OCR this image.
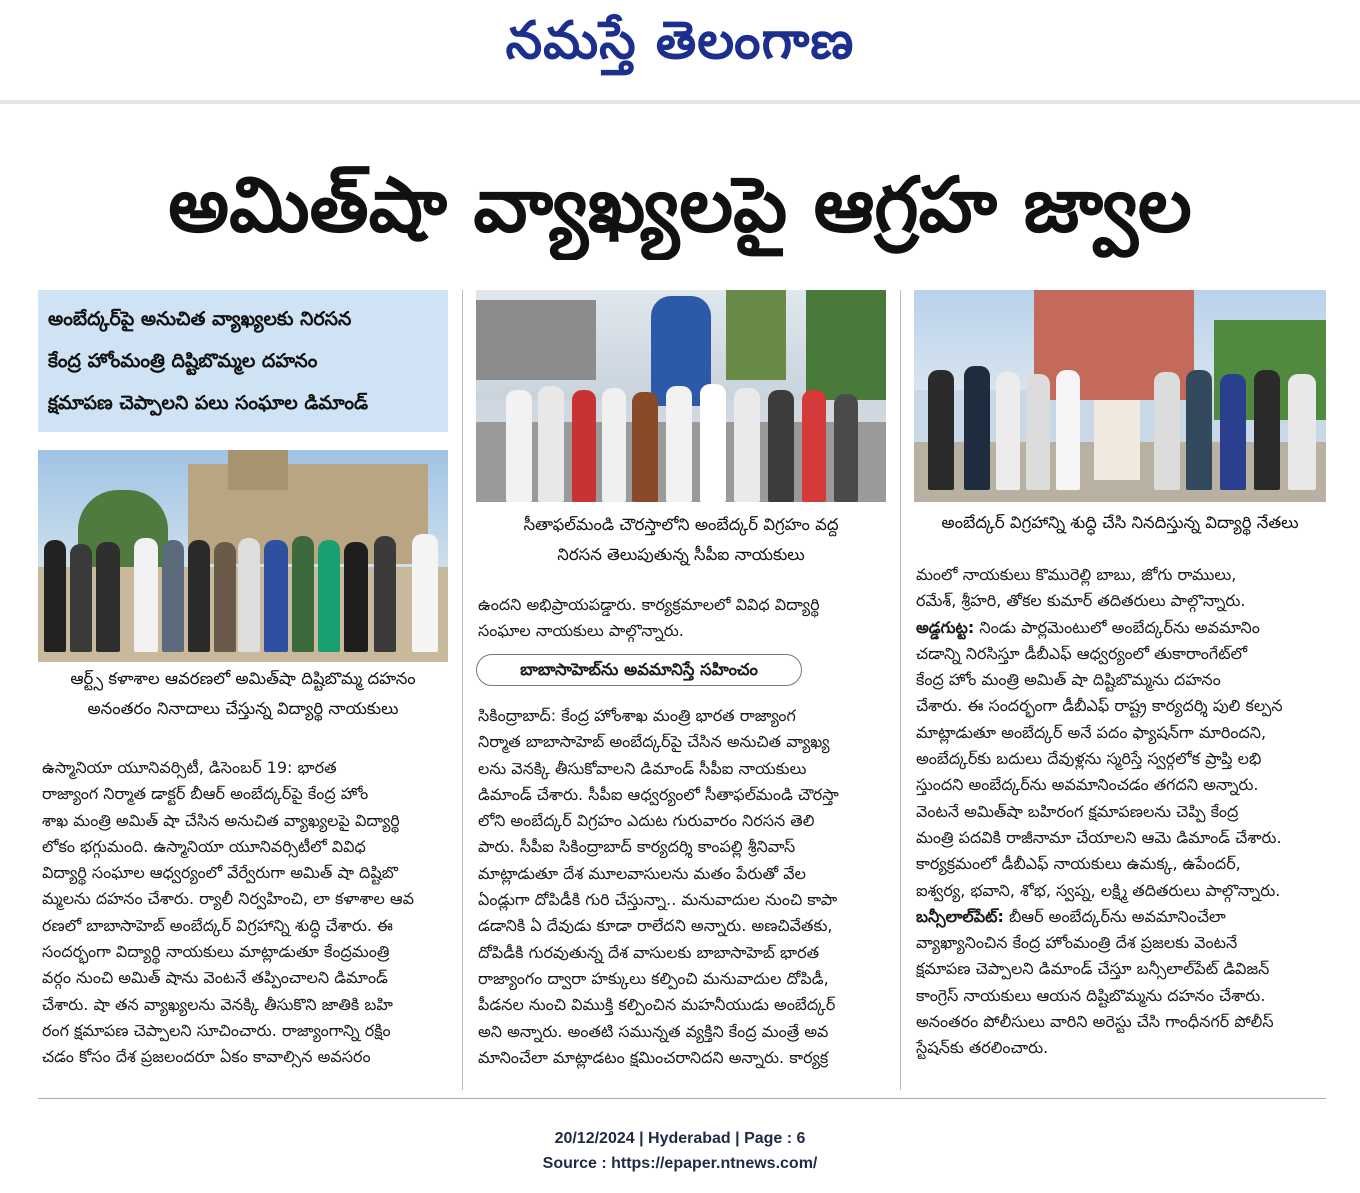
నమస్తే తెలంగాణ
అమిత్‌షా వ్యాఖ్యలపై ఆగ్రహ జ్వాల
అంబేద్కర్‌పై అనుచిత వ్యాఖ్యలకు నిరసన
కేంద్ర హోంమంత్రి దిష్టిబొమ్మల దహనం
క్షమాపణ చెప్పాలని పలు సంఘాల డిమాండ్
ఆర్ట్స్ కళాశాల ఆవరణలో అమిత్‌షా దిష్టిబొమ్మ దహనం
అనంతరం నినాదాలు చేస్తున్న విద్యార్థి నాయకులు
సీతాఫల్‌మండి చౌరస్తాలోని అంబేద్కర్ విగ్రహం వద్ద
నిరసన తెలుపుతున్న సీపీఐ నాయకులు
అంబేద్కర్ విగ్రహాన్ని శుద్ధి చేసి నినదిస్తున్న విద్యార్థి నేతలు

ఉస్మానియా యూనివర్సిటీ, డిసెంబర్ 19: భారత

రాజ్యాంగ నిర్మాత డాక్టర్ బీఆర్ అంబేద్కర్‌పై కేంద్ర హోం

శాఖ మంత్రి అమిత్ షా చేసిన అనుచిత వ్యాఖ్యలపై విద్యార్థి

లోకం భగ్గుమంది. ఉస్మానియా యూనివర్సిటీలో వివిధ

విద్యార్థి సంఘాల ఆధ్వర్యంలో వేర్వేరుగా అమిత్ షా దిష్టిబొ

మ్మలను దహనం చేశారు. ర్యాలీ నిర్వహించి, లా కళాశాల ఆవ

రణలో బాబాసాహెబ్ అంబేద్కర్ విగ్రహాన్ని శుద్ధి చేశారు. ఈ

సందర్భంగా విద్యార్థి నాయకులు మాట్లాడుతూ కేంద్రమంత్రి

వర్గం నుంచి అమిత్ షాను వెంటనే తప్పించాలని డిమాండ్

చేశారు. షా తన వ్యాఖ్యలను వెనక్కి తీసుకొని జాతికి బహి

రంగ క్షమాపణ చెప్పాలని సూచించారు. రాజ్యాంగాన్ని రక్షిం

చడం కోసం దేశ ప్రజలందరూ ఏకం కావాల్సిన అవసరం

ఉందని అభిప్రాయపడ్డారు. కార్యక్రమాలలో వివిధ విద్యార్థి

సంఘాల నాయకులు పాల్గొన్నారు.

బాబాసాహెబ్‌ను అవమానిస్తే సహించం

సికింద్రాబాద్: కేంద్ర హోంశాఖ మంత్రి భారత రాజ్యాంగ

నిర్మాత బాబాసాహెబ్ అంబేద్కర్‌పై చేసిన అనుచిత వ్యాఖ్య

లను వెనక్కి తీసుకోవాలని డిమాండ్ సీపీఐ నాయకులు

డిమాండ్ చేశారు. సీపీఐ ఆధ్వర్యంలో సీతాఫల్‌మండి చౌరస్తా

లోని అంబేద్కర్ విగ్రహం ఎదుట గురువారం నిరసన తెలి

పారు. సీపీఐ సికింద్రాబాద్ కార్యదర్శి కాంపల్లి శ్రీనివాస్

మాట్లాడుతూ దేశ మూలవాసులను మతం పేరుతో వేల

ఏండ్లుగా దోపిడీకి గురి చేస్తున్నా.. మనువాదుల నుంచి కాపా

డడానికి ఏ దేవుడు కూడా రాలేదని అన్నారు. అణచివేతకు,

దోపిడీకి గురవుతున్న దేశ వాసులకు బాబాసాహెబ్ భారత

రాజ్యాంగం ద్వారా హక్కులు కల్పించి మనువాదుల దోపిడీ,

పీడనల నుంచి విముక్తి కల్పించిన మహనీయుడు అంబేద్కర్

అని అన్నారు. అంతటి సమున్నత వ్యక్తిని కేంద్ర మంత్రే అవ

మానించేలా మాట్లాడటం క్షమించరానిదని అన్నారు. కార్యక్ర

మంలో నాయకులు కొమురెల్లి బాబు, జోగు రాములు,

రమేశ్, శ్రీహరి, తోకల కుమార్ తదితరులు పాల్గొన్నారు.

అడ్డగుట్ట: నిండు పార్లమెంటులో అంబేద్కర్‌ను అవమానిం

చడాన్ని నిరసిస్తూ డీబీఎఫ్ ఆధ్వర్యంలో తుకారాంగేట్‌లో

కేంద్ర హోం మంత్రి అమిత్ షా దిష్టిబొమ్మను దహనం

చేశారు. ఈ సందర్భంగా డీబీఎఫ్ రాష్ట్ర కార్యదర్శి పులి కల్పన

మాట్లాడుతూ అంబేద్కర్ అనే పదం ఫ్యాషన్‌గా మారిందని,

అంబేద్కర్‌కు బదులు దేవుళ్లను స్మరిస్తే స్వర్గలోక ప్రాప్తి లభి

స్తుందని అంబేద్కర్‌ను అవమానించడం తగదని అన్నారు.

వెంటనే అమిత్‌షా బహిరంగ క్షమాపణలను చెప్పి కేంద్ర

మంత్రి పదవికి రాజీనామా చేయాలని ఆమె డిమాండ్ చేశారు.

కార్యక్రమంలో డీబీఎఫ్ నాయకులు ఉమక్క, ఉపేందర్,

ఐశ్వర్య, భవాని, శోభ, స్వప్న, లక్ష్మి తదితరులు పాల్గొన్నారు.

బన్సీలాల్‌పేట్: బీఆర్ అంబేద్కర్‌ను అవమానించేలా

వ్యాఖ్యానించిన కేంద్ర హోంమంత్రి దేశ ప్రజలకు వెంటనే

క్షమాపణ చెప్పాలని డిమాండ్ చేస్తూ బన్సీలాల్‌పేట్ డివిజన్

కాంగ్రెస్ నాయకులు ఆయన దిష్టిబొమ్మను దహనం చేశారు.

అనంతరం పోలీసులు వారిని అరెస్టు చేసి గాంధీనగర్ పోలీస్

స్టేషన్‌కు తరలించారు.

20/12/2024 | Hyderabad | Page : 6
Source : https://epaper.ntnews.com/
